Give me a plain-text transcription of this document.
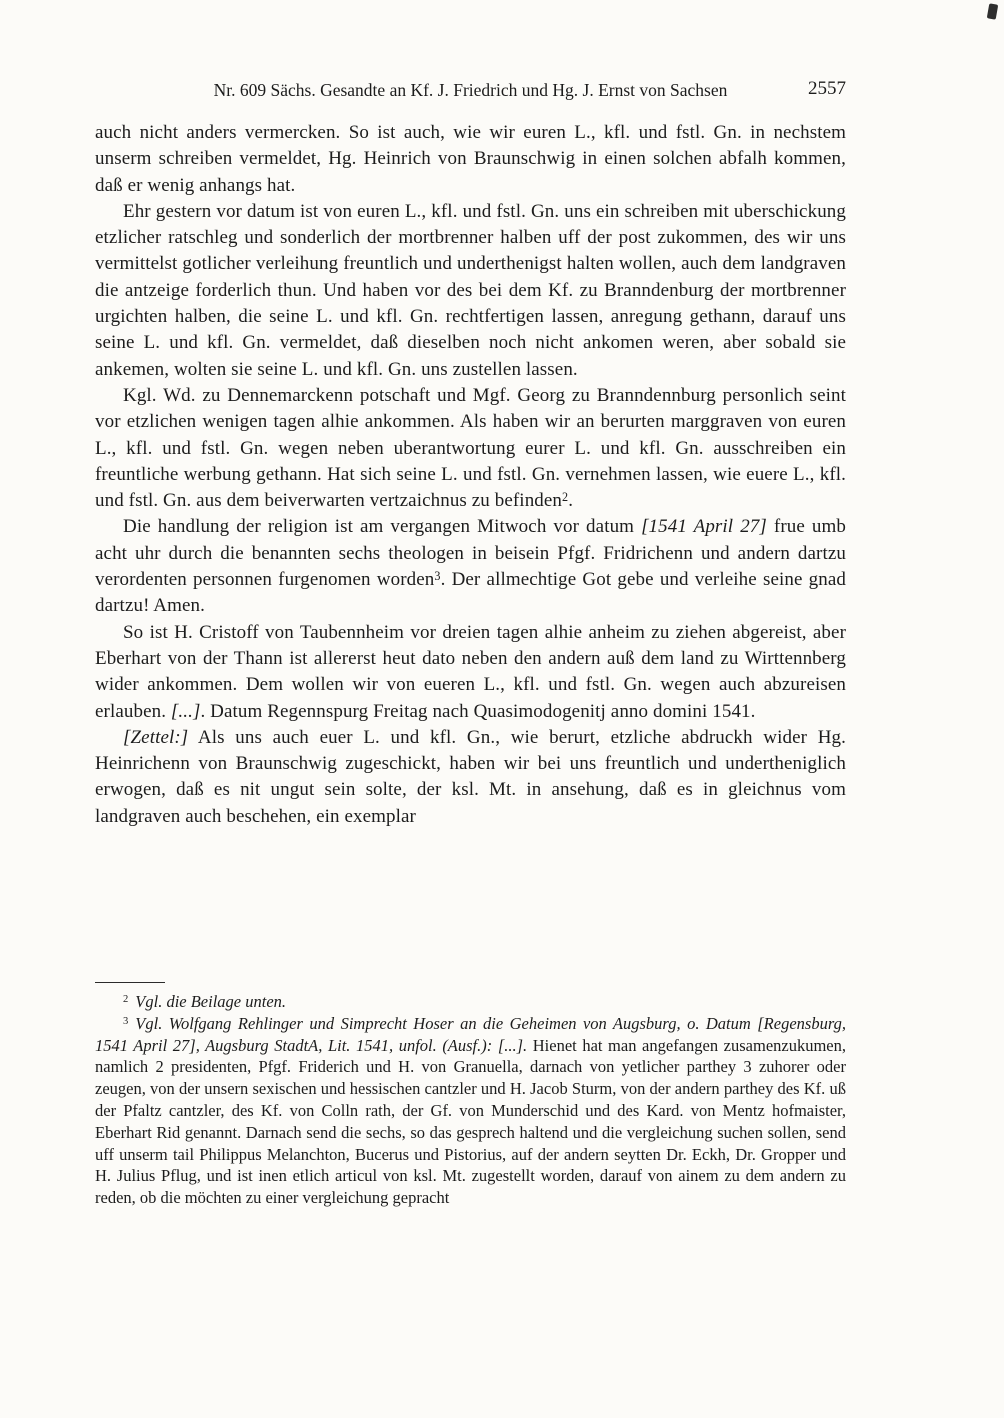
Nr. 609 Sächs. Gesandte an Kf. J. Friedrich und Hg. J. Ernst von Sachsen	2557

auch nicht anders vermercken. So ist auch, wie wir euren L., kfl. und fstl. Gn. in nechstem unserm schreiben vermeldet, Hg. Heinrich von Braunschwig in einen solchen abfalh kommen, daß er wenig anhangs hat.

Ehr gestern vor datum ist von euren L., kfl. und fstl. Gn. uns ein schreiben mit uberschickung etzlicher ratschleg und sonderlich der mortbrenner halben uff der post zukommen, des wir uns vermittelst gotlicher verleihung freuntlich und underthenigst halten wollen, auch dem landgraven die antzeige forderlich thun. Und haben vor des bei dem Kf. zu Branndenburg der mortbrenner urgichten halben, die seine L. und kfl. Gn. rechtfertigen lassen, anregung gethann, darauf uns seine L. und kfl. Gn. vermeldet, daß dieselben noch nicht ankomen weren, aber sobald sie ankemen, wolten sie seine L. und kfl. Gn. uns zustellen lassen.

Kgl. Wd. zu Dennemarckenn potschaft und Mgf. Georg zu Branndennburg personlich seint vor etzlichen wenigen tagen alhie ankommen. Als haben wir an berurten marggraven von euren L., kfl. und fstl. Gn. wegen neben uberantwortung eurer L. und kfl. Gn. ausschreiben ein freuntliche werbung gethann. Hat sich seine L. und fstl. Gn. vernehmen lassen, wie euere L., kfl. und fstl. Gn. aus dem beiverwarten vertzaichnus zu befinden$^2$.

Die handlung der religion ist am vergangen Mitwoch vor datum [1541 April 27] frue umb acht uhr durch die benannten sechs theologen in beisein Pfgf. Fridrichenn und andern dartzu verordenten personnen furgenomen worden$^3$. Der allmechtige Got gebe und verleihe seine gnad dartzu! Amen.

So ist H. Cristoff von Taubennheim vor dreien tagen alhie anheim zu ziehen abgereist, aber Eberhart von der Thann ist allererst heut dato neben den andern auß dem land zu Wirttennberg wider ankommen. Dem wollen wir von eueren L., kfl. und fstl. Gn. wegen auch abzureisen erlauben. [...]. Datum Regennspurg Freitag nach Quasimodogenitj anno domini 1541.

[Zettel:] Als uns auch euer L. und kfl. Gn., wie berurt, etzliche abdruckh wider Hg. Heinrichenn von Braunschwig zugeschickt, haben wir bei uns freuntlich und undertheniglich erwogen, daß es nit ungut sein solte, der ksl. Mt. in ansehung, daß es in gleichnus vom landgraven auch beschehen, ein exemplar

$^2$ Vgl. die Beilage unten.

$^3$ Vgl. Wolfgang Rehlinger und Simprecht Hoser an die Geheimen von Augsburg, o. Datum [Regensburg, 1541 April 27], Augsburg StadtA, Lit. 1541, unfol. (Ausf.): [...]. Hienet hat man angefangen zusamenzukumen, namlich 2 presidenten, Pfgf. Friderich und H. von Granuella, darnach von yetlicher parthey 3 zuhorer oder zeugen, von der unsern sexischen und hessischen cantzler und H. Jacob Sturm, von der andern parthey des Kf. uß der Pfaltz cantzler, des Kf. von Colln rath, der Gf. von Munderschid und des Kard. von Mentz hofmaister, Eberhart Rid genannt. Darnach send die sechs, so das gesprech haltend und die vergleichung suchen sollen, send uff unserm tail Philippus Melanchton, Bucerus und Pistorius, auf der andern seytten Dr. Eckh, Dr. Gropper und H. Julius Pflug, und ist inen etlich articul von ksl. Mt. zugestellt worden, darauf von ainem zu dem andern zu reden, ob die möchten zu einer vergleichung gepracht
